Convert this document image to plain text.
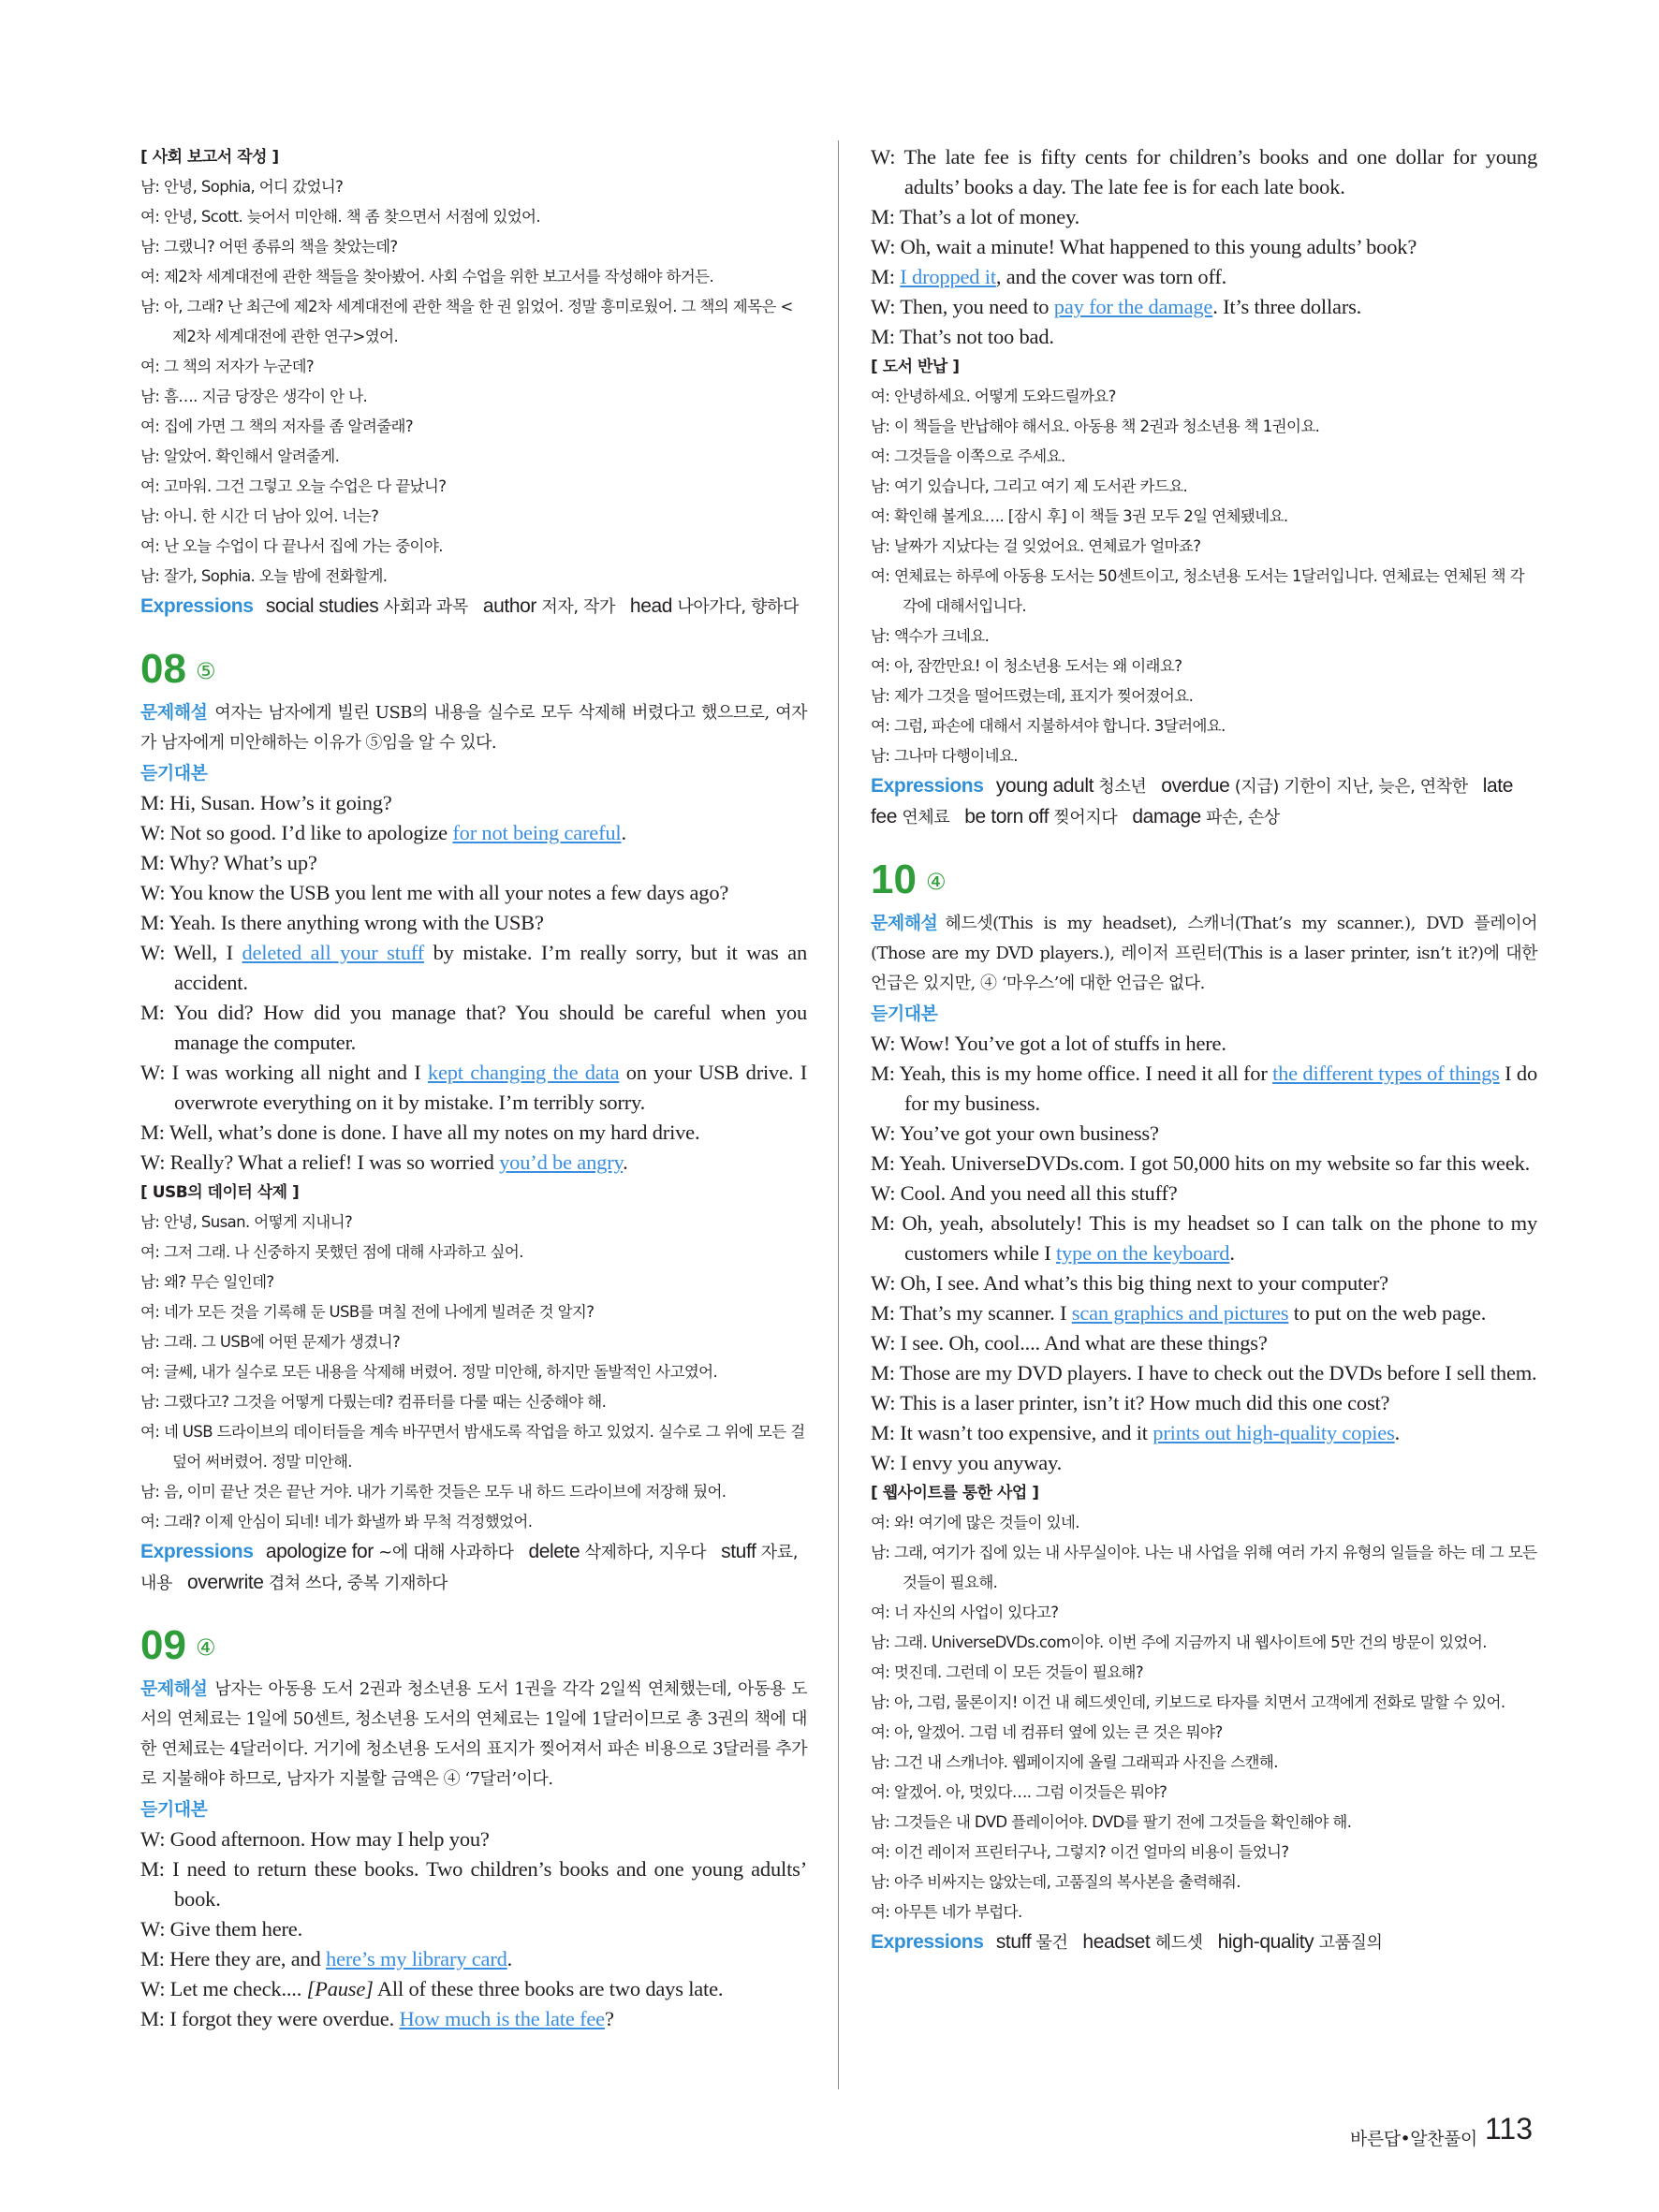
[ 사회 보고서 작성 ]
남: 안녕, Sophia, 어디 갔었니?
여: 안녕, Scott. 늦어서 미안해. 책 좀 찾으면서 서점에 있었어.
남: 그랬니? 어떤 종류의 책을 찾았는데?
여: 제2차 세계대전에 관한 책들을 찾아봤어. 사회 수업을 위한 보고서를 작성해야 하거든.
남: 아, 그래? 난 최근에 제2차 세계대전에 관한 책을 한 권 읽었어. 정말 흥미로웠어. 그 책의 제목은 <제2차 세계대전에 관한 연구>였어.
여: 그 책의 저자가 누군데?
남: 흠…. 지금 당장은 생각이 안 나.
여: 집에 가면 그 책의 저자를 좀 알려줄래?
남: 알았어. 확인해서 알려줄게.
여: 고마워. 그건 그렇고 오늘 수업은 다 끝났니?
남: 아니. 한 시간 더 남아 있어. 너는?
여: 난 오늘 수업이 다 끝나서 집에 가는 중이야.
남: 잘가, Sophia. 오늘 밤에 전화할게.
Expressions social studies 사회과 과목 author 저자, 작가 head 나아가다, 향하다
08 ⑤
문제해설 여자는 남자에게 빌린 USB의 내용을 실수로 모두 삭제해 버렸다고 했으므로, 여자가 남자에게 미안해하는 이유가 ⑤임을 알 수 있다.
듣기대본
M: Hi, Susan. How’s it going?
W: Not so good. I’d like to apologize for not being careful.
M: Why? What’s up?
W: You know the USB you lent me with all your notes a few days ago?
M: Yeah. Is there anything wrong with the USB?
W: Well, I deleted all your stuff by mistake. I’m really sorry, but it was an accident.
M: You did? How did you manage that? You should be careful when you manage the computer.
W: I was working all night and I kept changing the data on your USB drive. I overwrote everything on it by mistake. I’m terribly sorry.
M: Well, what’s done is done. I have all my notes on my hard drive.
W: Really? What a relief! I was so worried you’d be angry.
[ USB의 데이터 삭제 ]
남: 안녕, Susan. 어떻게 지내니?
여: 그저 그래. 나 신중하지 못했던 점에 대해 사과하고 싶어.
남: 왜? 무슨 일인데?
여: 네가 모든 것을 기록해 둔 USB를 며칠 전에 나에게 빌려준 것 알지?
남: 그래. 그 USB에 어떤 문제가 생겼니?
여: 글쎄, 내가 실수로 모든 내용을 삭제해 버렸어. 정말 미안해, 하지만 돌발적인 사고였어.
남: 그랬다고? 그것을 어떻게 다뤘는데? 컴퓨터를 다룰 때는 신중해야 해.
여: 네 USB 드라이브의 데이터들을 계속 바꾸면서 밤새도록 작업을 하고 있었지. 실수로 그 위에 모든 걸 덮어 써버렸어. 정말 미안해.
남: 음, 이미 끝난 것은 끝난 거야. 내가 기록한 것들은 모두 내 하드 드라이브에 저장해 뒀어.
여: 그래? 이제 안심이 되네! 네가 화낼까 봐 무척 걱정했었어.
Expressions apologize for ~에 대해 사과하다 delete 삭제하다, 지우다 stuff 자료, 내용 overwrite 겹쳐 쓰다, 중복 기재하다
09 ④
문제해설 남자는 아동용 도서 2권과 청소년용 도서 1권을 각각 2일씩 연체했는데, 아동용 도서의 연체료는 1일에 50센트, 청소년용 도서의 연체료는 1일에 1달러이므로 총 3권의 책에 대한 연체료는 4달러이다. 거기에 청소년용 도서의 표지가 찢어져서 파손 비용으로 3달러를 추가로 지불해야 하므로, 남자가 지불할 금액은 ④ ‘7달러’이다.
듣기대본
W: Good afternoon. How may I help you?
M: I need to return these books. Two children’s books and one young adults’ book.
W: Give them here.
M: Here they are, and here’s my library card.
W: Let me check.... [Pause] All of these three books are two days late.
M: I forgot they were overdue. How much is the late fee?
W: The late fee is fifty cents for children’s books and one dollar for young adults’ books a day. The late fee is for each late book.
M: That’s a lot of money.
W: Oh, wait a minute! What happened to this young adults’ book?
M: I dropped it, and the cover was torn off.
W: Then, you need to pay for the damage. It’s three dollars.
M: That’s not too bad.
[ 도서 반납 ]
여: 안녕하세요. 어떻게 도와드릴까요?
남: 이 책들을 반납해야 해서요. 아동용 책 2권과 청소년용 책 1권이요.
여: 그것들을 이쪽으로 주세요.
남: 여기 있습니다, 그리고 여기 제 도서관 카드요.
여: 확인해 볼게요…. [잠시 후] 이 책들 3권 모두 2일 연체됐네요.
남: 날짜가 지났다는 걸 잊었어요. 연체료가 얼마죠?
여: 연체료는 하루에 아동용 도서는 50센트이고, 청소년용 도서는 1달러입니다. 연체료는 연체된 책 각각에 대해서입니다.
남: 액수가 크네요.
여: 아, 잠깐만요! 이 청소년용 도서는 왜 이래요?
남: 제가 그것을 떨어뜨렸는데, 표지가 찢어졌어요.
여: 그럼, 파손에 대해서 지불하셔야 합니다. 3달러에요.
남: 그나마 다행이네요.
Expressions young adult 청소년 overdue (지급) 기한이 지난, 늦은, 연착한 late fee 연체료 be torn off 찢어지다 damage 파손, 손상
10 ④
문제해설 헤드셋(This is my headset), 스캐너(That’s my scanner.), DVD 플레이어(Those are my DVD players.), 레이저 프린터(This is a laser printer, isn’t it?)에 대한 언급은 있지만, ④ ‘마우스’에 대한 언급은 없다.
듣기대본
W: Wow! You’ve got a lot of stuffs in here.
M: Yeah, this is my home office. I need it all for the different types of things I do for my business.
W: You’ve got your own business?
M: Yeah. UniverseDVDs.com. I got 50,000 hits on my website so far this week.
W: Cool. And you need all this stuff?
M: Oh, yeah, absolutely! This is my headset so I can talk on the phone to my customers while I type on the keyboard.
W: Oh, I see. And what’s this big thing next to your computer?
M: That’s my scanner. I scan graphics and pictures to put on the web page.
W: I see. Oh, cool.... And what are these things?
M: Those are my DVD players. I have to check out the DVDs before I sell them.
W: This is a laser printer, isn’t it? How much did this one cost?
M: It wasn’t too expensive, and it prints out high-quality copies.
W: I envy you anyway.
[ 웹사이트를 통한 사업 ]
여: 와! 여기에 많은 것들이 있네.
남: 그래, 여기가 집에 있는 내 사무실이야. 나는 내 사업을 위해 여러 가지 유형의 일들을 하는 데 그 모든 것들이 필요해.
여: 너 자신의 사업이 있다고?
남: 그래. UniverseDVDs.com이야. 이번 주에 지금까지 내 웹사이트에 5만 건의 방문이 있었어.
여: 멋진데. 그런데 이 모든 것들이 필요해?
남: 아, 그럼, 물론이지! 이건 내 헤드셋인데, 키보드로 타자를 치면서 고객에게 전화로 말할 수 있어.
여: 아, 알겠어. 그럼 네 컴퓨터 옆에 있는 큰 것은 뭐야?
남: 그건 내 스캐너야. 웹페이지에 올릴 그래픽과 사진을 스캔해.
여: 알겠어. 아, 멋있다…. 그럼 이것들은 뭐야?
남: 그것들은 내 DVD 플레이어야. DVD를 팔기 전에 그것들을 확인해야 해.
여: 이건 레이저 프린터구나, 그렇지? 이건 얼마의 비용이 들었니?
남: 아주 비싸지는 않았는데, 고품질의 복사본을 출력해줘.
여: 아무튼 네가 부럽다.
Expressions stuff 물건 headset 헤드셋 high-quality 고품질의
바른답•알찬풀이 113
